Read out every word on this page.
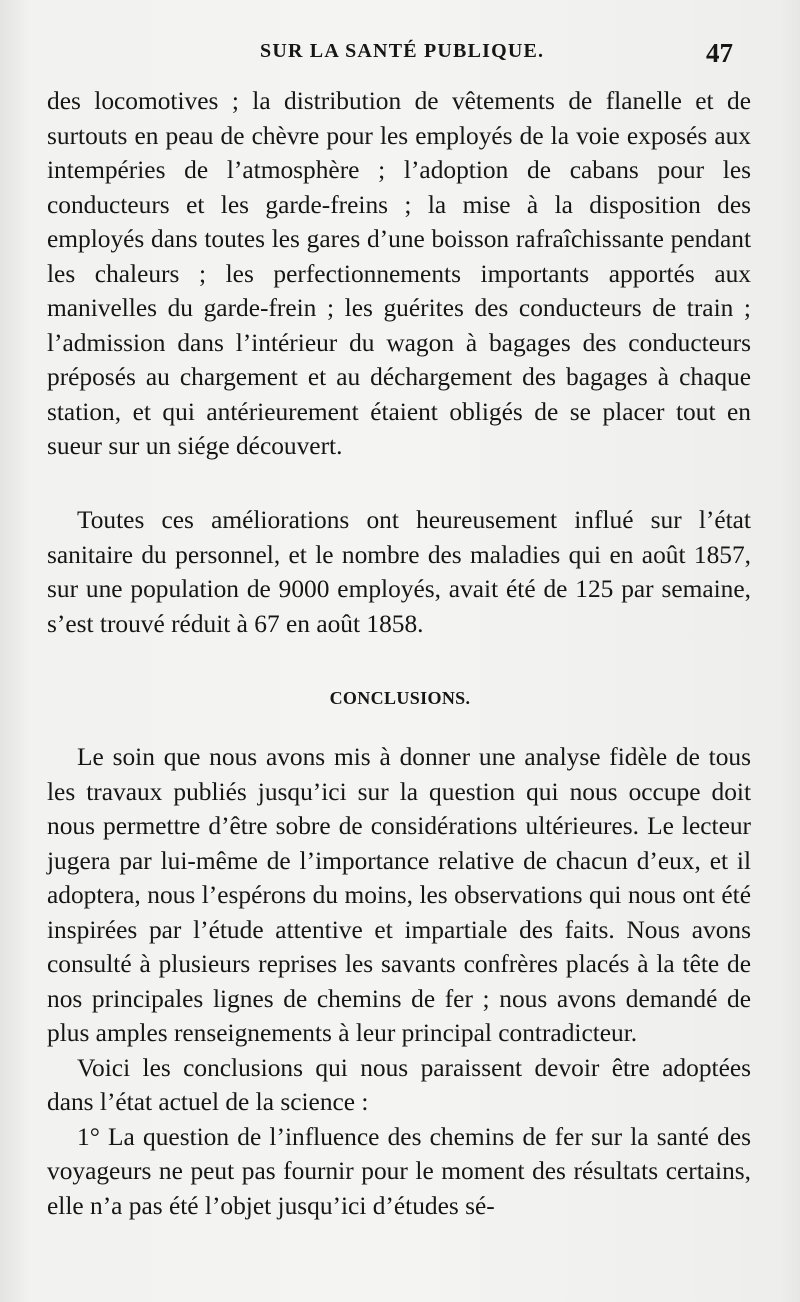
SUR LA SANTÉ PUBLIQUE.	47

des locomotives ; la distribution de vêtements de flanelle et de surtouts en peau de chèvre pour les employés de la voie exposés aux intempéries de l’atmosphère ; l’adoption de cabans pour les conducteurs et les garde-freins ; la mise à la disposition des employés dans toutes les gares d’une boisson rafraîchissante pendant les chaleurs ; les perfectionnements importants apportés aux manivelles du garde-frein ; les guérites des conducteurs de train ; l’admission dans l’intérieur du wagon à bagages des conducteurs préposés au chargement et au déchargement des bagages à chaque station, et qui antérieurement étaient obligés de se placer tout en sueur sur un siége découvert.

Toutes ces améliorations ont heureusement influé sur l’état sanitaire du personnel, et le nombre des maladies qui en août 1857, sur une population de 9000 employés, avait été de 125 par semaine, s’est trouvé réduit à 67 en août 1858.

CONCLUSIONS.

Le soin que nous avons mis à donner une analyse fidèle de tous les travaux publiés jusqu’ici sur la question qui nous occupe doit nous permettre d’être sobre de considérations ultérieures. Le lecteur jugera par lui-même de l’importance relative de chacun d’eux, et il adoptera, nous l’espérons du moins, les observations qui nous ont été inspirées par l’étude attentive et impartiale des faits. Nous avons consulté à plusieurs reprises les savants confrères placés à la tête de nos principales lignes de chemins de fer ; nous avons demandé de plus amples renseignements à leur principal contradicteur.

Voici les conclusions qui nous paraissent devoir être adoptées dans l’état actuel de la science :

1° La question de l’influence des chemins de fer sur la santé des voyageurs ne peut pas fournir pour le moment des résultats certains, elle n’a pas été l’objet jusqu’ici d’études sé-
